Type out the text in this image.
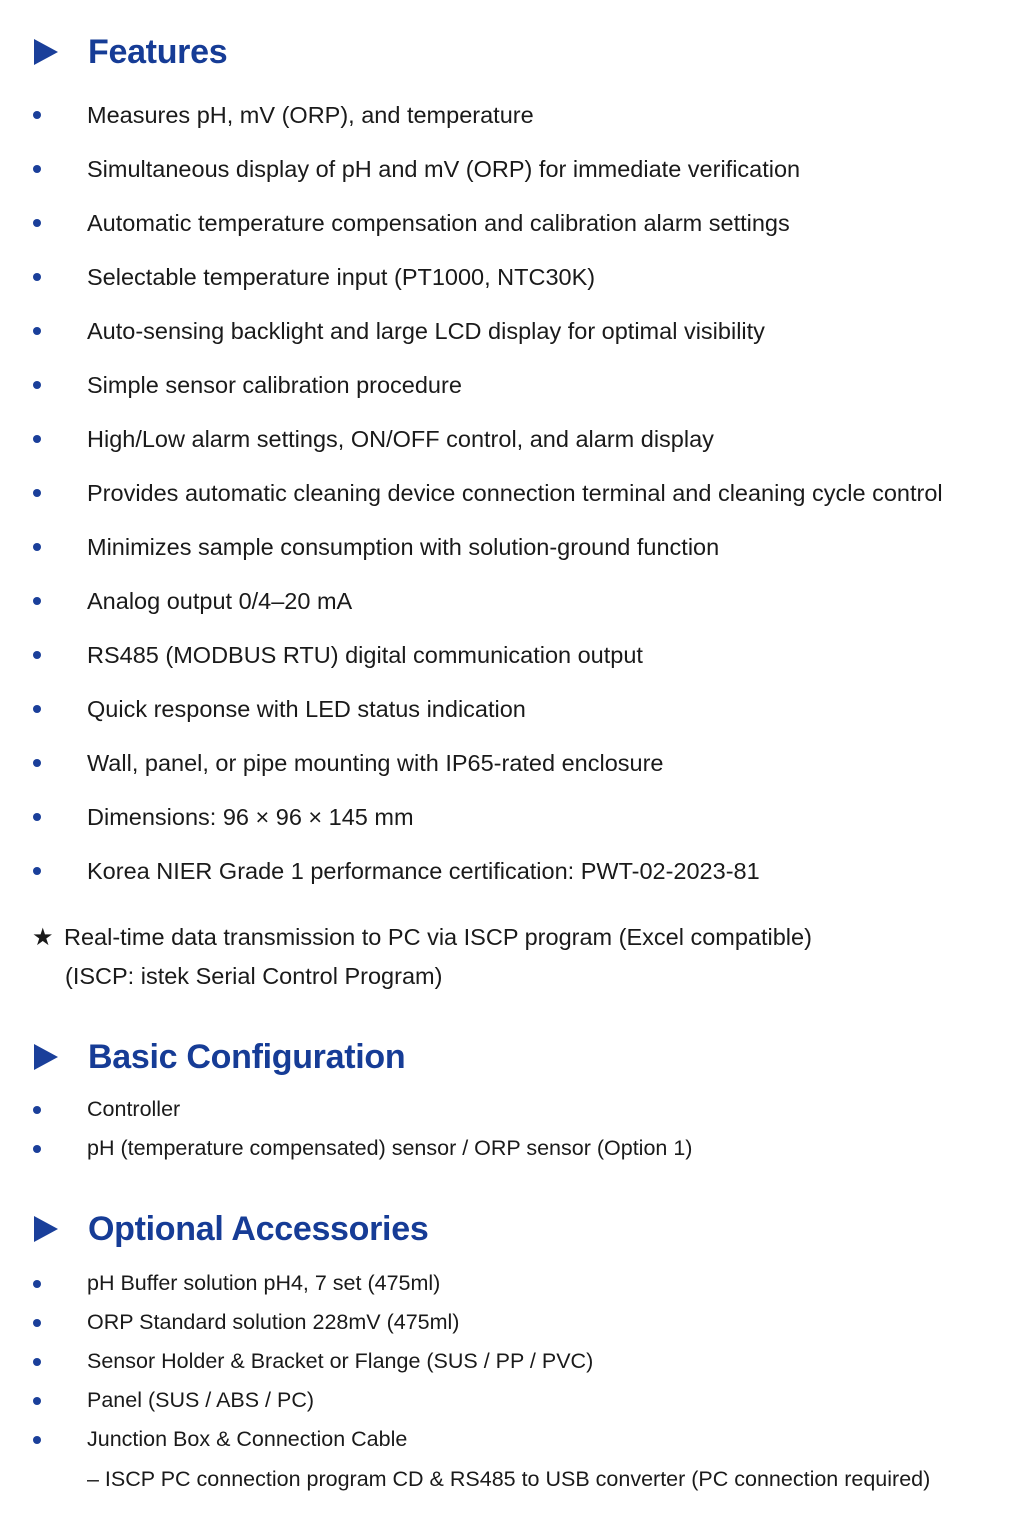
Features
Measures pH, mV (ORP), and temperature
Simultaneous display of pH and mV (ORP) for immediate verification
Automatic temperature compensation and calibration alarm settings
Selectable temperature input (PT1000, NTC30K)
Auto-sensing backlight and large LCD display for optimal visibility
Simple sensor calibration procedure
High/Low alarm settings, ON/OFF control, and alarm display
Provides automatic cleaning device connection terminal and cleaning cycle control
Minimizes sample consumption with solution-ground function
Analog output 0/4–20 mA
RS485 (MODBUS RTU) digital communication output
Quick response with LED status indication
Wall, panel, or pipe mounting with IP65-rated enclosure
Dimensions: 96 × 96 × 145 mm
Korea NIER Grade 1 performance certification: PWT-02-2023-81
★ Real-time data transmission to PC via ISCP program (Excel compatible)
(ISCP: istek Serial Control Program)
Basic Configuration
Controller
pH (temperature compensated) sensor / ORP sensor (Option 1)
Optional Accessories
pH Buffer solution pH4, 7 set (475ml)
ORP Standard solution 228mV (475ml)
Sensor Holder & Bracket or Flange (SUS / PP / PVC)
Panel (SUS / ABS / PC)
Junction Box & Connection Cable
– ISCP PC connection program CD & RS485 to USB converter (PC connection required)
